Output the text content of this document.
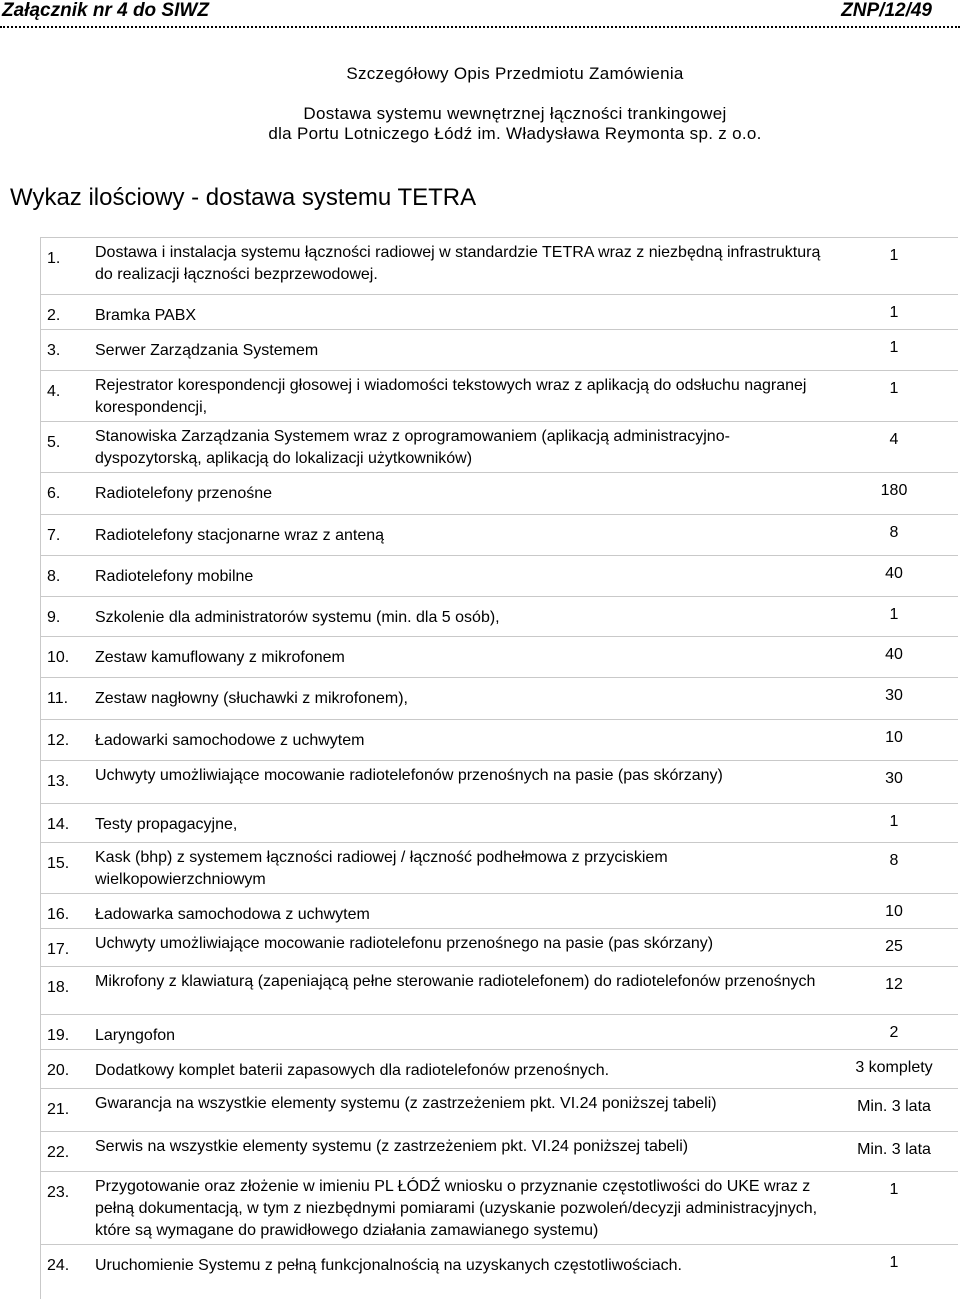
Załącznik nr 4 do SIWZ	ZNP/12/49
Szczegółowy Opis Przedmiotu Zamówienia
Dostawa systemu wewnętrznej łączności trankingowej
dla Portu Lotniczego Łódź im. Władysława Reymonta sp. z o.o.
Wykaz ilościowy - dostawa systemu TETRA
1.	Dostawa i instalacja systemu łączności radiowej w standardzie TETRA wraz z niezbędną infrastrukturą do realizacji łączności bezprzewodowej.	1
2.	Bramka PABX	1
3.	Serwer Zarządzania Systemem	1
4.	Rejestrator korespondencji głosowej i wiadomości tekstowych wraz z aplikacją do odsłuchu nagranej korespondencji,	1
5.	Stanowiska Zarządzania Systemem wraz z oprogramowaniem (aplikacją administracyjno-dyspozytorską, aplikacją do lokalizacji użytkowników)	4
6.	Radiotelefony przenośne	180
7.	Radiotelefony stacjonarne wraz z anteną	8
8.	Radiotelefony mobilne	40
9.	Szkolenie dla administratorów systemu (min. dla 5 osób),	1
10.	Zestaw kamuflowany z mikrofonem	40
11.	Zestaw nagłowny (słuchawki z mikrofonem),	30
12.	Ładowarki samochodowe z uchwytem	10
13.	Uchwyty umożliwiające mocowanie radiotelefonów przenośnych na pasie (pas skórzany)	30
14.	Testy propagacyjne,	1
15.	Kask (bhp) z systemem łączności radiowej / łączność podhełmowa z przyciskiem wielkopowierzchniowym	8
16.	Ładowarka samochodowa z uchwytem	10
17.	Uchwyty umożliwiające mocowanie radiotelefonu przenośnego na pasie (pas skórzany)	25
18.	Mikrofony z klawiaturą (zapeniającą pełne sterowanie radiotelefonem) do radiotelefonów przenośnych	12
19.	Laryngofon	2
20.	Dodatkowy komplet baterii zapasowych dla radiotelefonów przenośnych.	3 komplety
21.	Gwarancja na wszystkie elementy systemu (z zastrzeżeniem pkt. VI.24 poniższej tabeli)	Min. 3 lata
22.	Serwis na wszystkie elementy systemu (z zastrzeżeniem pkt. VI.24 poniższej tabeli)	Min. 3 lata
23.	Przygotowanie oraz złożenie w imieniu PL ŁÓDŹ wniosku o przyznanie częstotliwości do UKE wraz z pełną dokumentacją, w tym z niezbędnymi pomiarami (uzyskanie pozwoleń/decyzji administracyjnych, które są wymagane do prawidłowego działania zamawianego systemu)	1
24.	Uruchomienie Systemu z pełną funkcjonalnością na uzyskanych częstotliwościach.	1
